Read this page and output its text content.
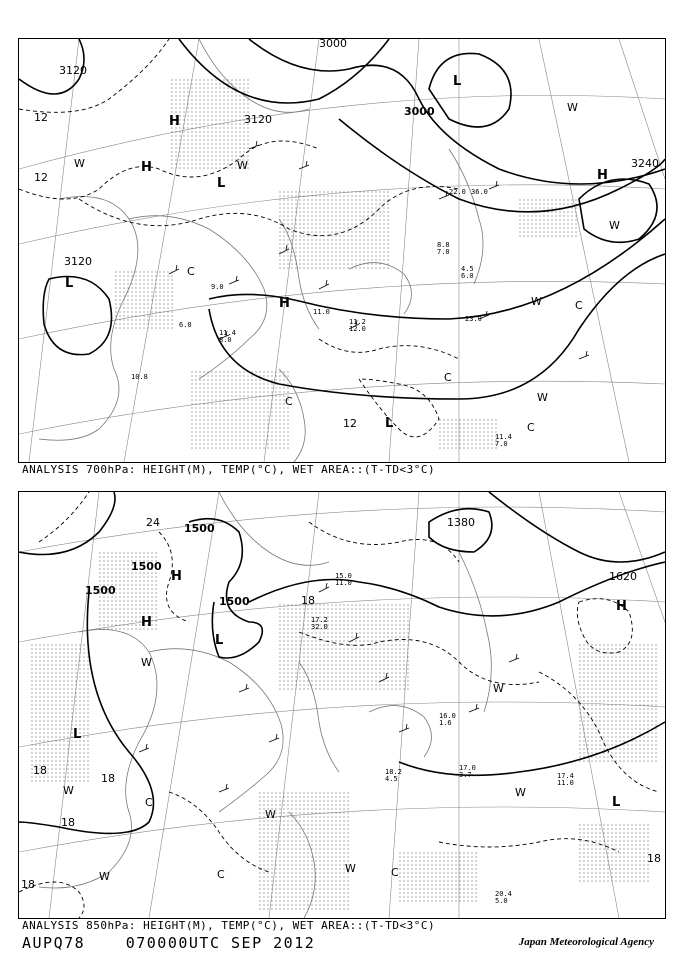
3000
3000
3120
3120
3120
3240
12
12
12
H
H
H
H
L
L
L
L
W	W
W
W
W
W
C
C
C
C
C
6.0
9.0
11.2
12.0
11.0
11.4
8.0
10.8
8.8
7.0
4.5
6.0
23.0
11.4
7.0
22.0 36.0
ANALYSIS 700hPa: HEIGHT(M), TEMP(°C), WET AREA::(T-TD<3°C)
1500
1500
1500
1500
1380
1620
24
18
18
18
18
18
18
H
H
H
L
L
L
W
W
W
W
W
W
W
C
C	C
15.0
11.0
17.2
32.0
16.0
1.6
17.4
11.0
17.0
3.7
20.4
5.0
18.2
4.5
ANALYSIS 850hPa: HEIGHT(M), TEMP(°C), WET AREA::(T-TD<3°C)
AUPQ78	070000UTC SEP 2012	Japan Meteorological Agency
